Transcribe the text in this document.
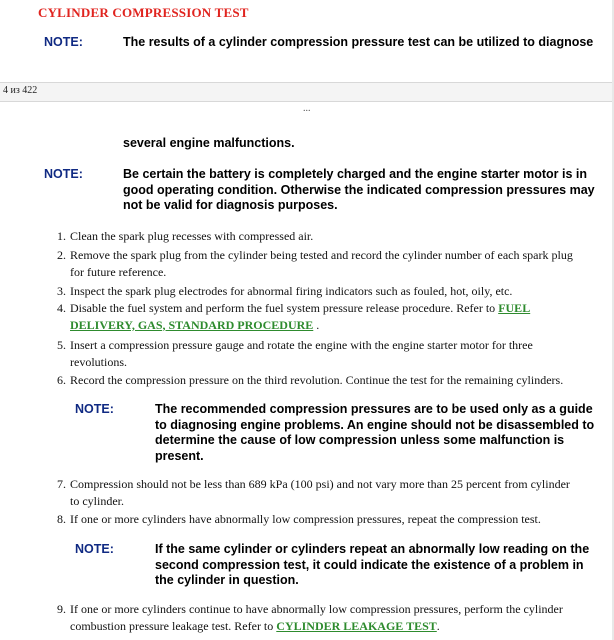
CYLINDER COMPRESSION TEST
NOTE:	The results of a cylinder compression pressure test can be utilized to diagnose
4 из 422
...
several engine malfunctions.
NOTE:	Be certain the battery is completely charged and the engine starter motor is in
good operating condition. Otherwise the indicated compression pressures may
not be valid for diagnosis purposes.
1. Clean the spark plug recesses with compressed air.
2. Remove the spark plug from the cylinder being tested and record the cylinder number of each spark plug
for future reference.
3. Inspect the spark plug electrodes for abnormal firing indicators such as fouled, hot, oily, etc.
4. Disable the fuel system and perform the fuel system pressure release procedure. Refer to FUEL
DELIVERY, GAS, STANDARD PROCEDURE .
5. Insert a compression pressure gauge and rotate the engine with the engine starter motor for three
revolutions.
6. Record the compression pressure on the third revolution. Continue the test for the remaining cylinders.
NOTE:	The recommended compression pressures are to be used only as a guide
to diagnosing engine problems. An engine should not be disassembled to
determine the cause of low compression unless some malfunction is
present.
7. Compression should not be less than 689 kPa (100 psi) and not vary more than 25 percent from cylinder
to cylinder.
8. If one or more cylinders have abnormally low compression pressures, repeat the compression test.
NOTE:	If the same cylinder or cylinders repeat an abnormally low reading on the
second compression test, it could indicate the existence of a problem in
the cylinder in question.
9. If one or more cylinders continue to have abnormally low compression pressures, perform the cylinder
combustion pressure leakage test. Refer to CYLINDER LEAKAGE TEST.
